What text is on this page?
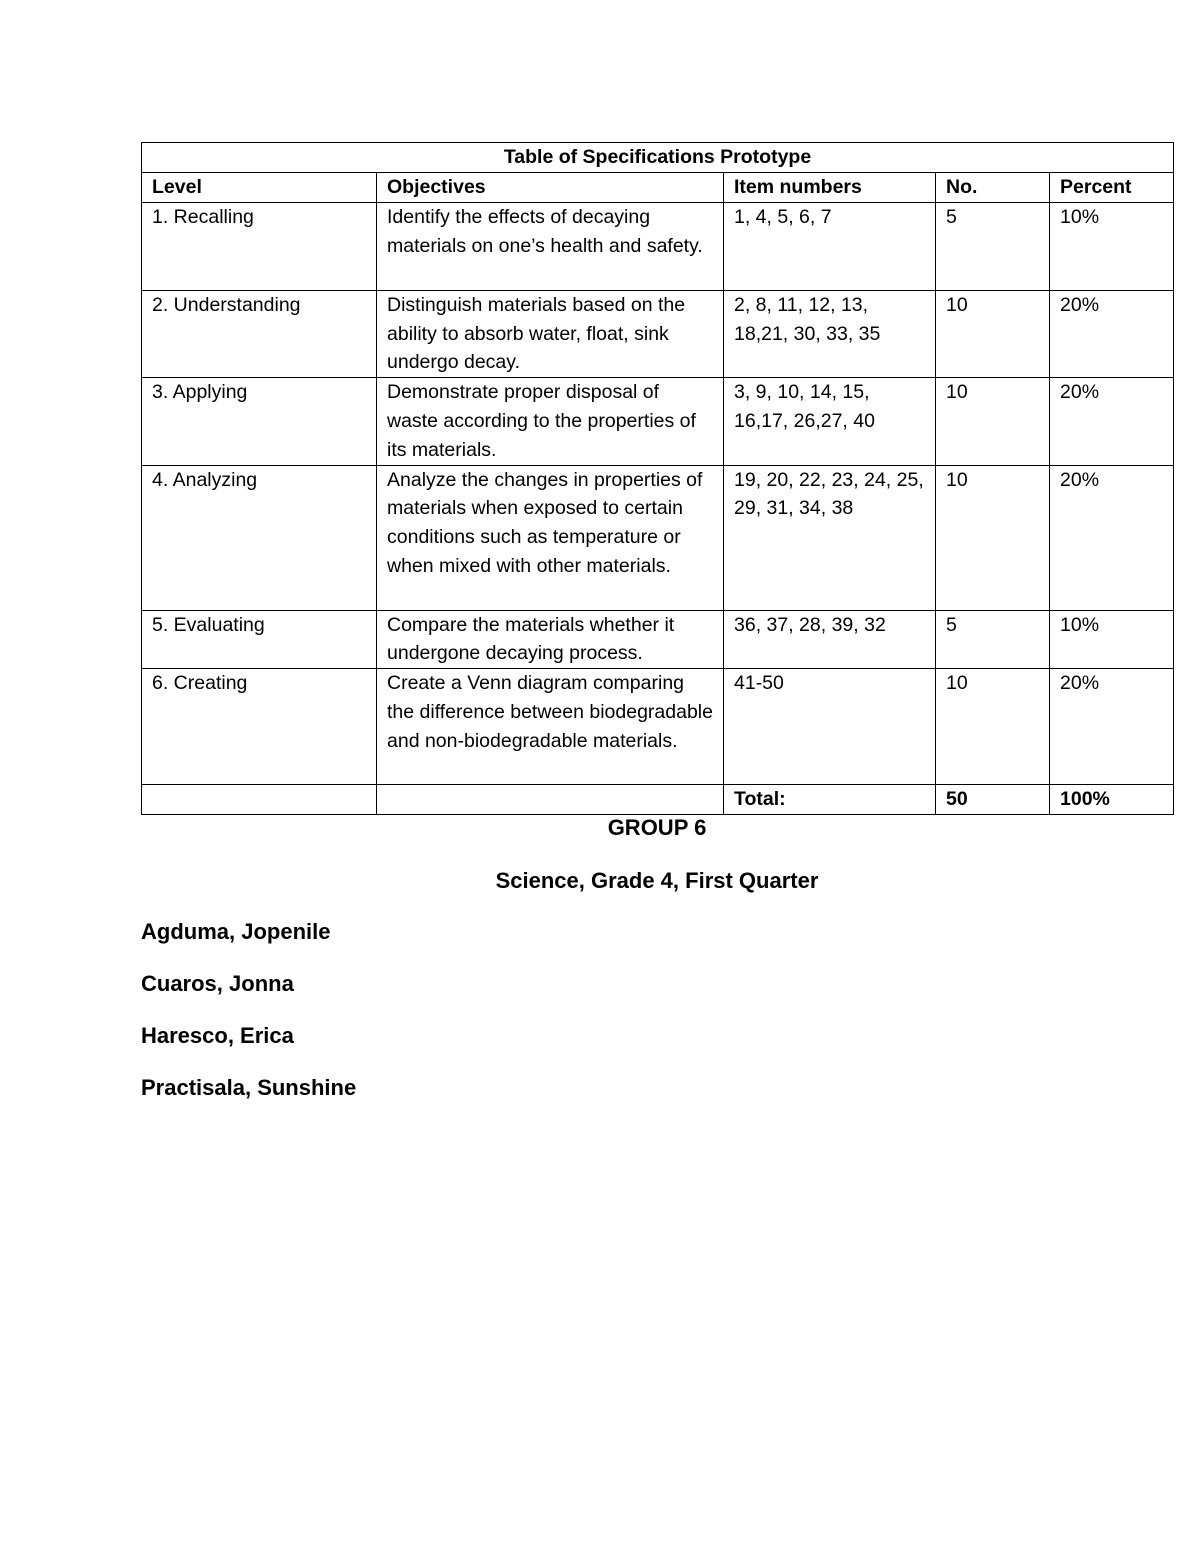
Table of Specifications Prototype				
Level	Objectives	Item numbers	No.	Percent
1. Recalling	Identify the effects of decaying materials on one’s health and safety.	1, 4, 5, 6, 7	5	10%
2. Understanding	Distinguish materials based on the ability to absorb water, float, sink undergo decay.	2, 8, 11, 12, 13, 18,21, 30, 33, 35	10	20%
3. Applying	Demonstrate proper disposal of waste according to the properties of its materials.	3, 9, 10, 14, 15, 16,17, 26,27, 40	10	20%
4. Analyzing	Analyze the changes in properties of materials when exposed to certain conditions such as temperature or when mixed with other materials.	19, 20, 22, 23, 24, 25, 29, 31, 34, 38	10	20%
5. Evaluating	Compare the materials whether it undergone decaying process.	36, 37, 28, 39, 32	5	10%
6. Creating	Create a Venn diagram comparing the difference between biodegradable and non-biodegradable materials.	41-50	10	20%
		Total:	50	100%
GROUP 6
Science, Grade 4, First Quarter
Agduma, Jopenile
Cuaros, Jonna
Haresco, Erica
Practisala, Sunshine
